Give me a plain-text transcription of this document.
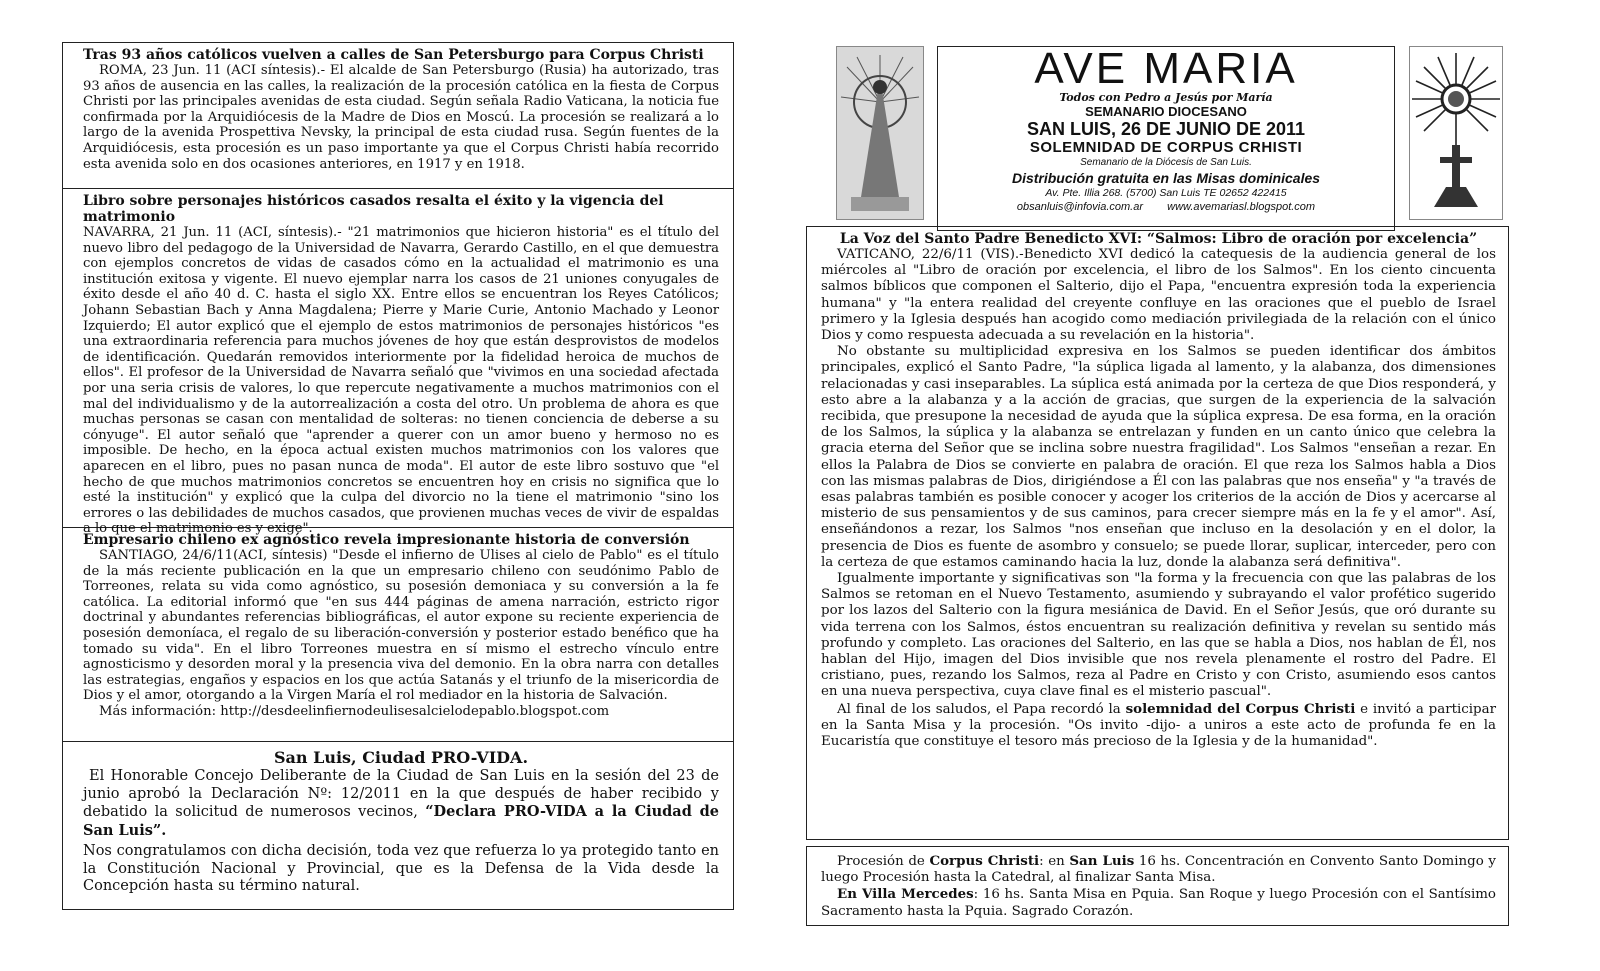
Tras 93 años católicos vuelven a calles de San Petersburgo para Corpus Christi

ROMA, 23 Jun. 11 (ACI síntesis).- El alcalde de San Petersburgo (Rusia) ha autorizado, tras 93 años de ausencia en las calles, la realización de la procesión católica en la fiesta de Corpus Christi por las principales avenidas de esta ciudad. Según señala Radio Vaticana, la noticia fue confirmada por la Arquidiócesis de la Madre de Dios en Moscú. La procesión se realizará a lo largo de la avenida Prospettiva Nevsky, la principal de esta ciudad rusa. Según fuentes de la Arquidiócesis, esta procesión es un paso importante ya que el Corpus Christi había recorrido esta avenida solo en dos ocasiones anteriores, en 1917 y en 1918.

Libro sobre personajes históricos casados resalta el éxito y la vigencia del matrimonio

NAVARRA, 21 Jun. 11 (ACI, síntesis).- "21 matrimonios que hicieron historia" es el título del nuevo libro del pedagogo de la Universidad de Navarra, Gerardo Castillo, en el que demuestra con ejemplos concretos de vidas de casados cómo en la actualidad el matrimonio es una institución exitosa y vigente. El nuevo ejemplar narra los casos de 21 uniones conyugales de éxito desde el año 40 d. C. hasta el siglo XX. Entre ellos se encuentran los Reyes Católicos; Johann Sebastian Bach y Anna Magdalena; Pierre y Marie Curie, Antonio Machado y Leonor Izquierdo; El autor explicó que el ejemplo de estos matrimonios de personajes históricos "es una extraordinaria referencia para muchos jóvenes de hoy que están desprovistos de modelos de identificación. Quedarán removidos interiormente por la fidelidad heroica de muchos de ellos". El profesor de la Universidad de Navarra señaló que "vivimos en una sociedad afectada por una seria crisis de valores, lo que repercute negativamente a muchos matrimonios con el mal del individualismo y de la autorrealización a costa del otro. Un problema de ahora es que muchas personas se casan con mentalidad de solteras: no tienen conciencia de deberse a su cónyuge". El autor señaló que "aprender a querer con un amor bueno y hermoso no es imposible. De hecho, en la época actual existen muchos matrimonios con los valores que aparecen en el libro, pues no pasan nunca de moda". El autor de este libro sostuvo que "el hecho de que muchos matrimonios concretos se encuentren hoy en crisis no significa que lo esté la institución" y explicó que la culpa del divorcio no la tiene el matrimonio "sino los errores o las debilidades de muchos casados, que provienen muchas veces de vivir de espaldas a lo que el matrimonio es y exige".

Empresario chileno ex agnóstico revela impresionante historia de conversión

SANTIAGO, 24/6/11(ACI, síntesis) "Desde el infierno de Ulises al cielo de Pablo" es el título de la más reciente publicación en la que un empresario chileno con seudónimo Pablo de Torreones, relata su vida como agnóstico, su posesión demoniaca y su conversión a la fe católica. La editorial informó que "en sus 444 páginas de amena narración, estricto rigor doctrinal y abundantes referencias bibliográficas, el autor expone su reciente experiencia de posesión demoníaca, el regalo de su liberación-conversión y posterior estado benéfico que ha tomado su vida". En el libro Torreones muestra en sí mismo el estrecho vínculo entre agnosticismo y desorden moral y la presencia viva del demonio. En la obra narra con detalles las estrategias, engaños y espacios en los que actúa Satanás y el triunfo de la misericordia de Dios y el amor, otorgando a la Virgen María el rol mediador en la historia de Salvación.

Más información: http://desdeelinfiernodeulisesalcielodepablo.blogspot.com

San Luis, Ciudad PRO-VIDA.

El Honorable Concejo Deliberante de la Ciudad de San Luis en la sesión del 23 de junio aprobó la Declaración Nº: 12/2011 en la que después de haber recibido y debatido la solicitud de numerosos vecinos, “Declara PRO-VIDA a la Ciudad de San Luis”.

Nos congratulamos con dicha decisión, toda vez que refuerza lo ya protegido tanto en la Constitución Nacional y Provincial, que es la Defensa de la Vida desde la Concepción hasta su término natural.

AVE MARIA
Todos con Pedro a Jesús por María
SEMANARIO DIOCESANO
SAN LUIS, 26 DE JUNIO DE 2011
SOLEMNIDAD DE CORPUS CRHISTI
Semanario de la Diócesis de San Luis.
Distribución gratuita en las Misas dominicales
Av. Pte. Illia 268. (5700) San Luis TE 02652 422415
obsanluis@infovia.com.ar www.avemariasl.blogspot.com
La Voz del Santo Padre Benedicto XVI: “Salmos: Libro de oración por excelencia”

VATICANO, 22/6/11 (VIS).-Benedicto XVI dedicó la catequesis de la audiencia general de los miércoles al "Libro de oración por excelencia, el libro de los Salmos". En los ciento cincuenta salmos bíblicos que componen el Salterio, dijo el Papa, "encuentra expresión toda la experiencia humana" y "la entera realidad del creyente confluye en las oraciones que el pueblo de Israel primero y la Iglesia después han acogido como mediación privilegiada de la relación con el único Dios y como respuesta adecuada a su revelación en la historia".

No obstante su multiplicidad expresiva en los Salmos se pueden identificar dos ámbitos principales, explicó el Santo Padre, "la súplica ligada al lamento, y la alabanza, dos dimensiones relacionadas y casi inseparables. La súplica está animada por la certeza de que Dios responderá, y esto abre a la alabanza y a la acción de gracias, que surgen de la experiencia de la salvación recibida, que presupone la necesidad de ayuda que la súplica expresa. De esa forma, en la oración de los Salmos, la súplica y la alabanza se entrelazan y funden en un canto único que celebra la gracia eterna del Señor que se inclina sobre nuestra fragilidad". Los Salmos "enseñan a rezar. En ellos la Palabra de Dios se convierte en palabra de oración. El que reza los Salmos habla a Dios con las mismas palabras de Dios, dirigiéndose a Él con las palabras que nos enseña" y "a través de esas palabras también es posible conocer y acoger los criterios de la acción de Dios y acercarse al misterio de sus pensamientos y de sus caminos, para crecer siempre más en la fe y el amor". Así, enseñándonos a rezar, los Salmos "nos enseñan que incluso en la desolación y en el dolor, la presencia de Dios es fuente de asombro y consuelo; se puede llorar, suplicar, interceder, pero con la certeza de que estamos caminando hacia la luz, donde la alabanza será definitiva".

Igualmente importante y significativas son "la forma y la frecuencia con que las palabras de los Salmos se retoman en el Nuevo Testamento, asumiendo y subrayando el valor profético sugerido por los lazos del Salterio con la figura mesiánica de David. En el Señor Jesús, que oró durante su vida terrena con los Salmos, éstos encuentran su realización definitiva y revelan su sentido más profundo y completo. Las oraciones del Salterio, en las que se habla a Dios, nos hablan de Él, nos hablan del Hijo, imagen del Dios invisible que nos revela plenamente el rostro del Padre. El cristiano, pues, rezando los Salmos, reza al Padre en Cristo y con Cristo, asumiendo esos cantos en una nueva perspectiva, cuya clave final es el misterio pascual".

Al final de los saludos, el Papa recordó la solemnidad del Corpus Christi e invitó a participar en la Santa Misa y la procesión. "Os invito -dijo- a uniros a este acto de profunda fe en la Eucaristía que constituye el tesoro más precioso de la Iglesia y de la humanidad".

Procesión de Corpus Christi: en San Luis 16 hs. Concentración en Convento Santo Domingo y luego Procesión hasta la Catedral, al finalizar Santa Misa.

En Villa Mercedes: 16 hs. Santa Misa en Pquia. San Roque y luego Procesión con el Santísimo Sacramento hasta la Pquia. Sagrado Corazón.
